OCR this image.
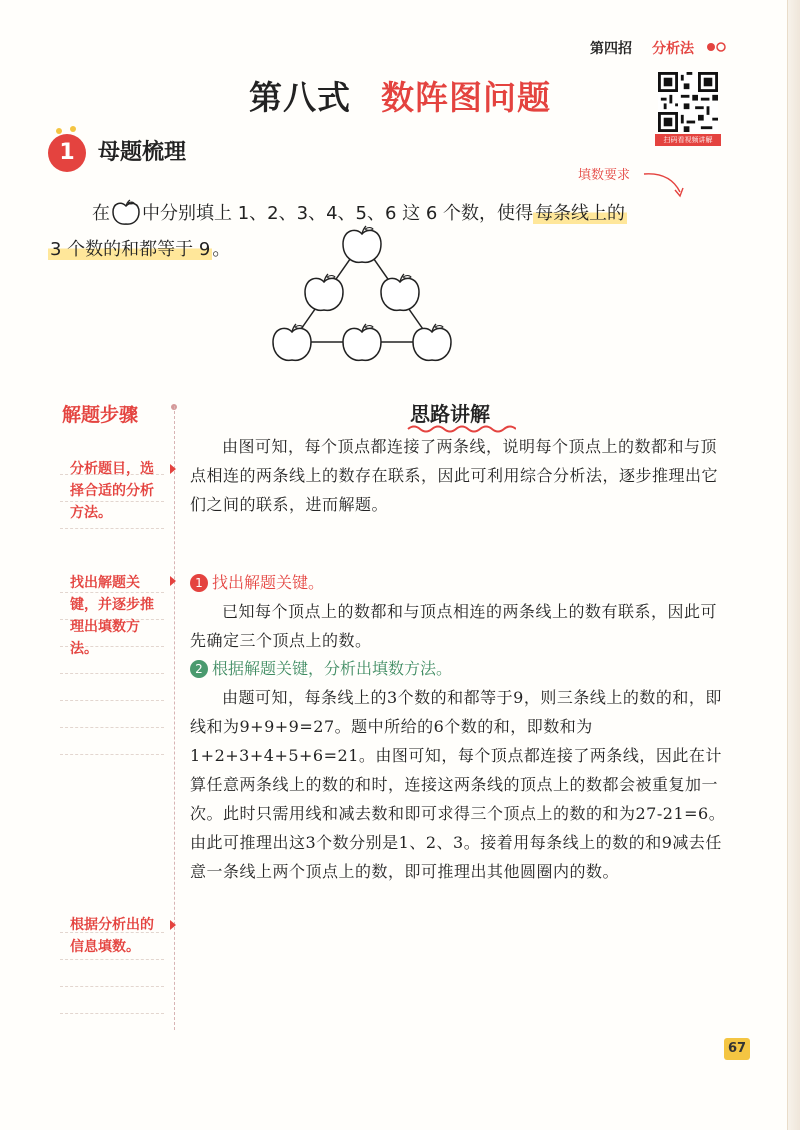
第四招 分析法
第八式 数阵图问题
扫码看视频讲解
1	母题梳理
填数要求
在 中分别填上 1、2、3、4、5、6 这 6 个数，使得 每条线上的
3 个数的和都等于 9 。
解题步骤
分析题目，选择合适的分析方法。
找出解题关键，并逐步推理出填数方法。
根据分析出的信息填数。
思路讲解
由图可知，每个顶点都连接了两条线，说明每个顶点上的数都和与顶点相连的两条线上的数存在联系，因此可利用综合分析法，逐步推理出它们之间的联系，进而解题。
1 找出解题关键。
已知每个顶点上的数都和与顶点相连的两条线上的数有联系，因此可先确定三个顶点上的数。
2 根据解题关键，分析出填数方法。
由题可知，每条线上的3个数的和都等于9，则三条线上的数的和，即线和为9+9+9=27。题中所给的6个数的和，即数和为1+2+3+4+5+6=21。由图可知，每个顶点都连接了两条线，因此在计算任意两条线上的数的和时，连接这两条线的顶点上的数都会被重复加一次。此时只需用线和减去数和即可求得三个顶点上的数的和为27-21=6。由此可推理出这3个数分别是1、2、3。接着用每条线上的数的和9减去任意一条线上两个顶点上的数，即可推理出其他圆圈内的数。
67
